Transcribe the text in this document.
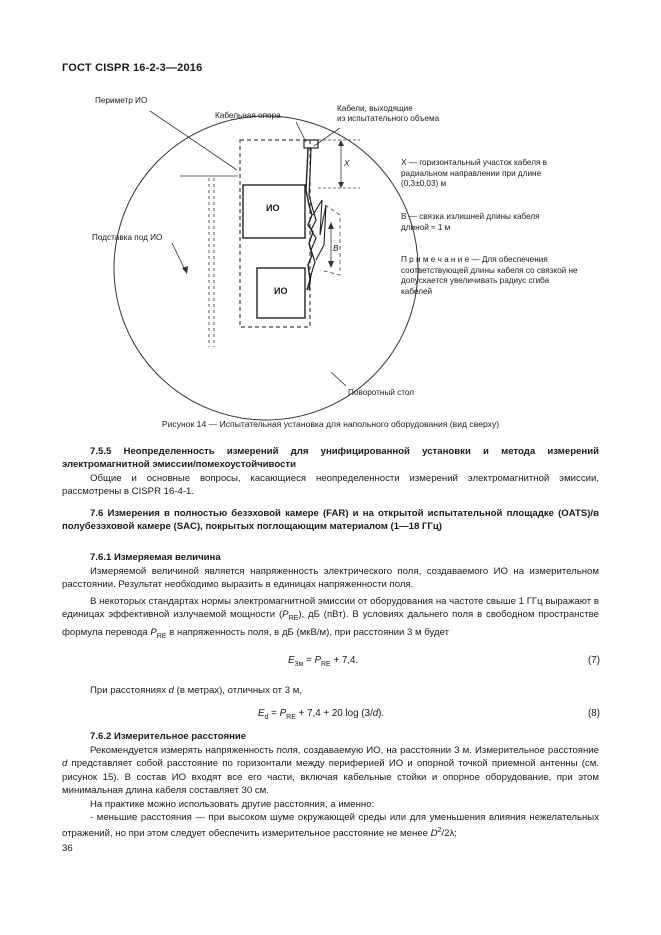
ГОСТ CISPR 16-2-3—2016
Периметр ИО
Кабельная опора
Кабели, выходящие
из испытательного объема
Подставка под ИО
ИО
ИО
X
B
Поворотный стол
X — горизонтальный участок кабеля в радиальном направлении при длине (0,3±0,03) м
B — связка излишней длины кабеля длиной ≈ 1 м
П р и м е ч а н и е — Для обеспечения соответствующей длины кабеля со связкой не допускается увеличивать радиус сгиба кабелей
Рисунок 14 — Испытательная установка для напольного оборудования (вид сверху)
7.5.5 Неопределенность измерений для унифицированной установки и метода измерений электромагнитной эмиссии/помехоустойчивости
Общие и основные вопросы, касающиеся неопределенности измерений электромагнитной эмиссии, рассмотрены в CISPR 16-4-1.
7.6 Измерения в полностью безэховой камере (FAR) и на открытой испытательной площадке (OATS)/в полубезэховой камере (SAC), покрытых поглощающим материалом (1—18 ГГц)
7.6.1 Измеряемая величина
Измеряемой величиной является напряженность электрического поля, создаваемого ИО на измерительном расстоянии. Результат необходимо выразить в единицах напряженности поля.
В некоторых стандартах нормы электромагнитной эмиссии от оборудования на частоте свыше 1 ГГц выражают в единицах эффективной излучаемой мощности $(P_{RE})$, дБ (пВт). В условиях дальнего поля в свободном пространстве формула перевода $P_{RE}$ в напряженность поля, в дБ (мкВ/м), при расстоянии 3 м будет
$E_{3м} = P_{RE} + 7,4$.	(7)
При расстояниях d (в метрах), отличных от 3 м,
$E_d = P_{RE} + 7,4 + 20$ log (3/d).	(8)
7.6.2 Измерительное расстояние
Рекомендуется измерять напряженность поля, создаваемую ИО, на расстоянии 3 м. Измерительное расстояние d представляет собой расстояние по горизонтали между периферией ИО и опорной точкой приемной антенны (см. рисунок 15). В состав ИО входят все его части, включая кабельные стойки и опорное оборудование, при этом минимальная длина кабеля составляет 30 см.
На практике можно использовать другие расстояния, а именно:
- меньшие расстояния — при высоком шуме окружающей среды или для уменьшения влияния нежелательных отражений, но при этом следует обеспечить измерительное расстояние не менее $D^2/2\lambda$;
36
